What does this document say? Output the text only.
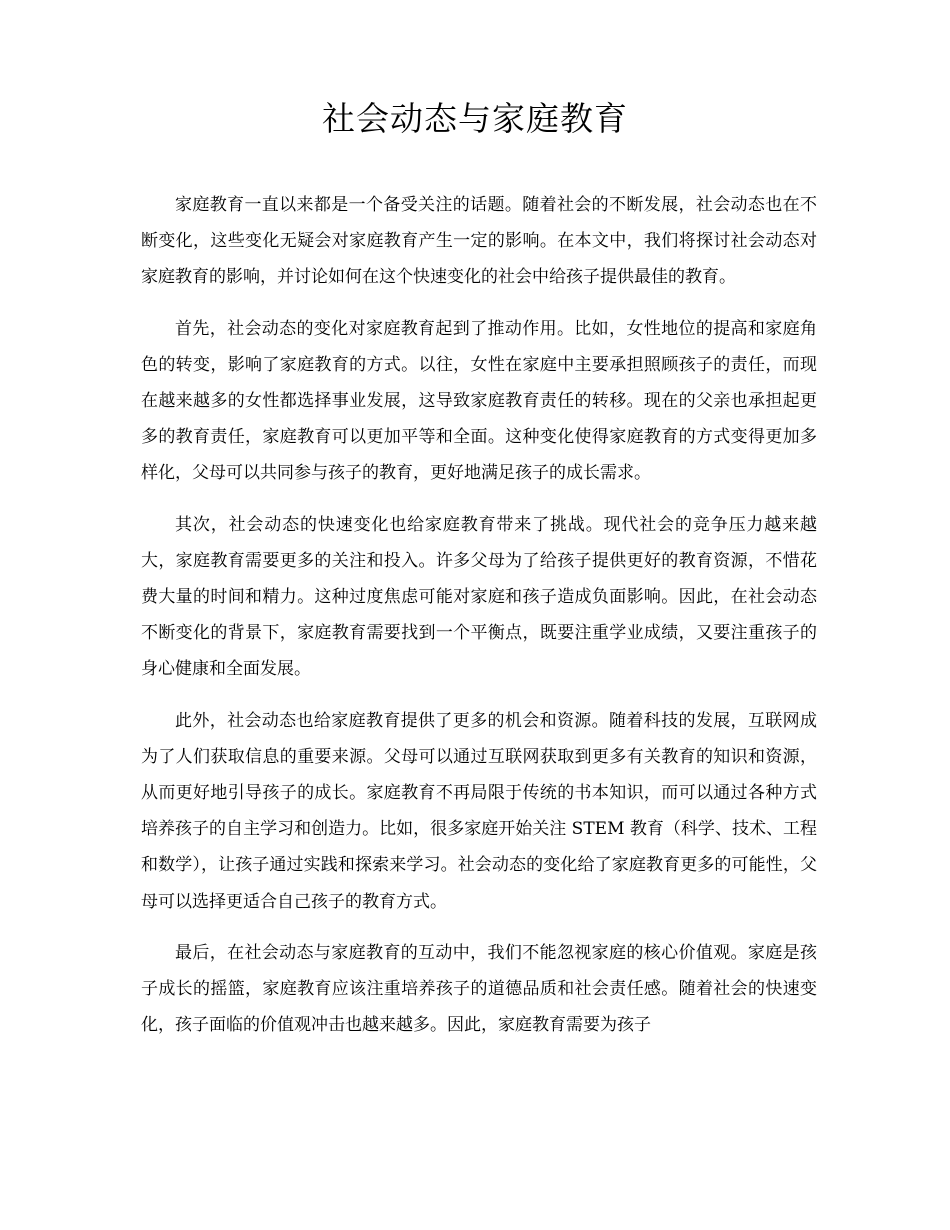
社会动态与家庭教育

家庭教育一直以来都是一个备受关注的话题。随着社会的不断发展，社会动态也在不断变化，这些变化无疑会对家庭教育产生一定的影响。在本文中，我们将探讨社会动态对家庭教育的影响，并讨论如何在这个快速变化的社会中给孩子提供最佳的教育。

首先，社会动态的变化对家庭教育起到了推动作用。比如，女性地位的提高和家庭角色的转变，影响了家庭教育的方式。以往，女性在家庭中主要承担照顾孩子的责任，而现在越来越多的女性都选择事业发展，这导致家庭教育责任的转移。现在的父亲也承担起更多的教育责任，家庭教育可以更加平等和全面。这种变化使得家庭教育的方式变得更加多样化，父母可以共同参与孩子的教育，更好地满足孩子的成长需求。

其次，社会动态的快速变化也给家庭教育带来了挑战。现代社会的竞争压力越来越大，家庭教育需要更多的关注和投入。许多父母为了给孩子提供更好的教育资源，不惜花费大量的时间和精力。这种过度焦虑可能对家庭和孩子造成负面影响。因此，在社会动态不断变化的背景下，家庭教育需要找到一个平衡点，既要注重学业成绩，又要注重孩子的身心健康和全面发展。

此外，社会动态也给家庭教育提供了更多的机会和资源。随着科技的发展，互联网成为了人们获取信息的重要来源。父母可以通过互联网获取到更多有关教育的知识和资源，从而更好地引导孩子的成长。家庭教育不再局限于传统的书本知识，而可以通过各种方式培养孩子的自主学习和创造力。比如，很多家庭开始关注 STEM 教育（科学、技术、工程和数学），让孩子通过实践和探索来学习。社会动态的变化给了家庭教育更多的可能性，父母可以选择更适合自己孩子的教育方式。

最后，在社会动态与家庭教育的互动中，我们不能忽视家庭的核心价值观。家庭是孩子成长的摇篮，家庭教育应该注重培养孩子的道德品质和社会责任感。随着社会的快速变化，孩子面临的价值观冲击也越来越多。因此，家庭教育需要为孩子
